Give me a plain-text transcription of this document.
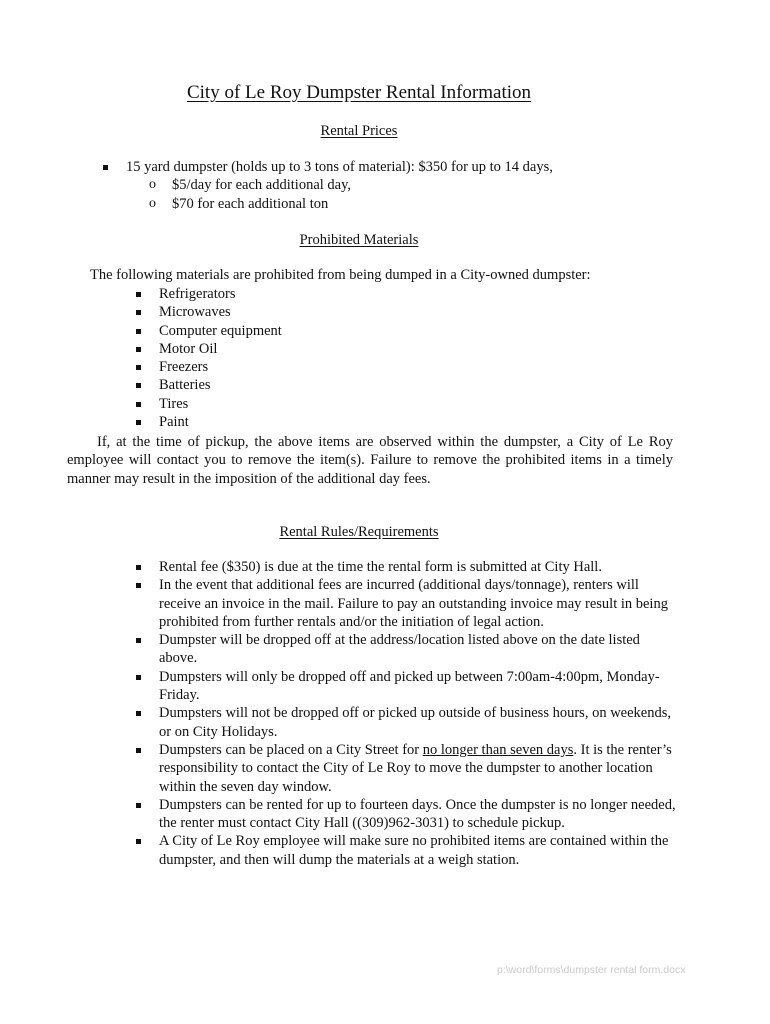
City of Le Roy Dumpster Rental Information
Rental Prices
15 yard dumpster (holds up to 3 tons of material): $350 for up to 14 days,
o $5/day for each additional day,
o $70 for each additional ton
Prohibited Materials

The following materials are prohibited from being dumped in a City-owned dumpster:

Refrigerators
Microwaves
Computer equipment
Motor Oil
Freezers
Batteries
Tires
Paint

If, at the time of pickup, the above items are observed within the dumpster, a City of Le Roy employee will contact you to remove the item(s). Failure to remove the prohibited items in a timely manner may result in the imposition of the additional day fees.

Rental Rules/Requirements
Rental fee ($350) is due at the time the rental form is submitted at City Hall.
In the event that additional fees are incurred (additional days/tonnage), renters will receive an invoice in the mail. Failure to pay an outstanding invoice may result in being prohibited from further rentals and/or the initiation of legal action.
Dumpster will be dropped off at the address/location listed above on the date listed above.
Dumpsters will only be dropped off and picked up between 7:00am-4:00pm, Monday-Friday.
Dumpsters will not be dropped off or picked up outside of business hours, on weekends, or on City Holidays.
Dumpsters can be placed on a City Street for no longer than seven days. It is the renter’s responsibility to contact the City of Le Roy to move the dumpster to another location within the seven day window.
Dumpsters can be rented for up to fourteen days. Once the dumpster is no longer needed, the renter must contact City Hall ((309)962-3031) to schedule pickup.
A City of Le Roy employee will make sure no prohibited items are contained within the dumpster, and then will dump the materials at a weigh station.
p:\word\forms\dumpster rental form.docx
